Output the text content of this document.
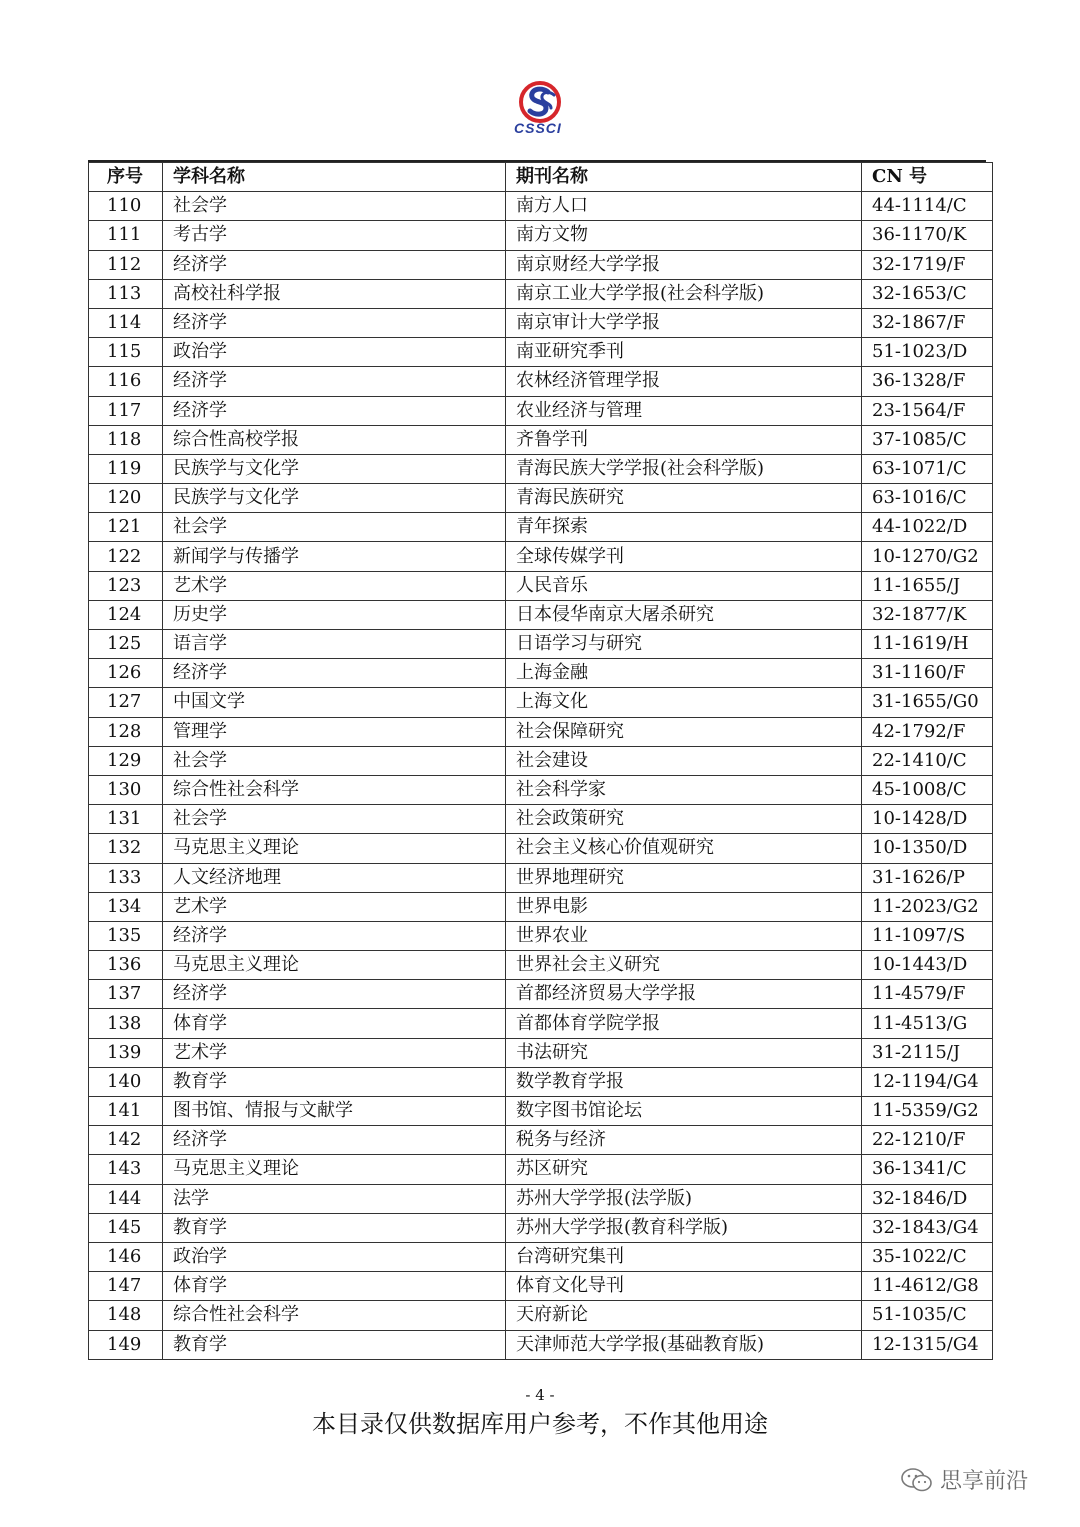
CSSCI
序号	学科名称	期刊名称	CN 号
110	社会学	南方人口	44-1114/C
111	考古学	南方文物	36-1170/K
112	经济学	南京财经大学学报	32-1719/F
113	高校社科学报	南京工业大学学报(社会科学版)	32-1653/C
114	经济学	南京审计大学学报	32-1867/F
115	政治学	南亚研究季刊	51-1023/D
116	经济学	农林经济管理学报	36-1328/F
117	经济学	农业经济与管理	23-1564/F
118	综合性高校学报	齐鲁学刊	37-1085/C
119	民族学与文化学	青海民族大学学报(社会科学版)	63-1071/C
120	民族学与文化学	青海民族研究	63-1016/C
121	社会学	青年探索	44-1022/D
122	新闻学与传播学	全球传媒学刊	10-1270/G2
123	艺术学	人民音乐	11-1655/J
124	历史学	日本侵华南京大屠杀研究	32-1877/K
125	语言学	日语学习与研究	11-1619/H
126	经济学	上海金融	31-1160/F
127	中国文学	上海文化	31-1655/G0
128	管理学	社会保障研究	42-1792/F
129	社会学	社会建设	22-1410/C
130	综合性社会科学	社会科学家	45-1008/C
131	社会学	社会政策研究	10-1428/D
132	马克思主义理论	社会主义核心价值观研究	10-1350/D
133	人文经济地理	世界地理研究	31-1626/P
134	艺术学	世界电影	11-2023/G2
135	经济学	世界农业	11-1097/S
136	马克思主义理论	世界社会主义研究	10-1443/D
137	经济学	首都经济贸易大学学报	11-4579/F
138	体育学	首都体育学院学报	11-4513/G
139	艺术学	书法研究	31-2115/J
140	教育学	数学教育学报	12-1194/G4
141	图书馆、情报与文献学	数字图书馆论坛	11-5359/G2
142	经济学	税务与经济	22-1210/F
143	马克思主义理论	苏区研究	36-1341/C
144	法学	苏州大学学报(法学版)	32-1846/D
145	教育学	苏州大学学报(教育科学版)	32-1843/G4
146	政治学	台湾研究集刊	35-1022/C
147	体育学	体育文化导刊	11-4612/G8
148	综合性社会科学	天府新论	51-1035/C
149	教育学	天津师范大学学报(基础教育版)	12-1315/G4
- 4 -
本目录仅供数据库用户参考，不作其他用途
思享前沿
